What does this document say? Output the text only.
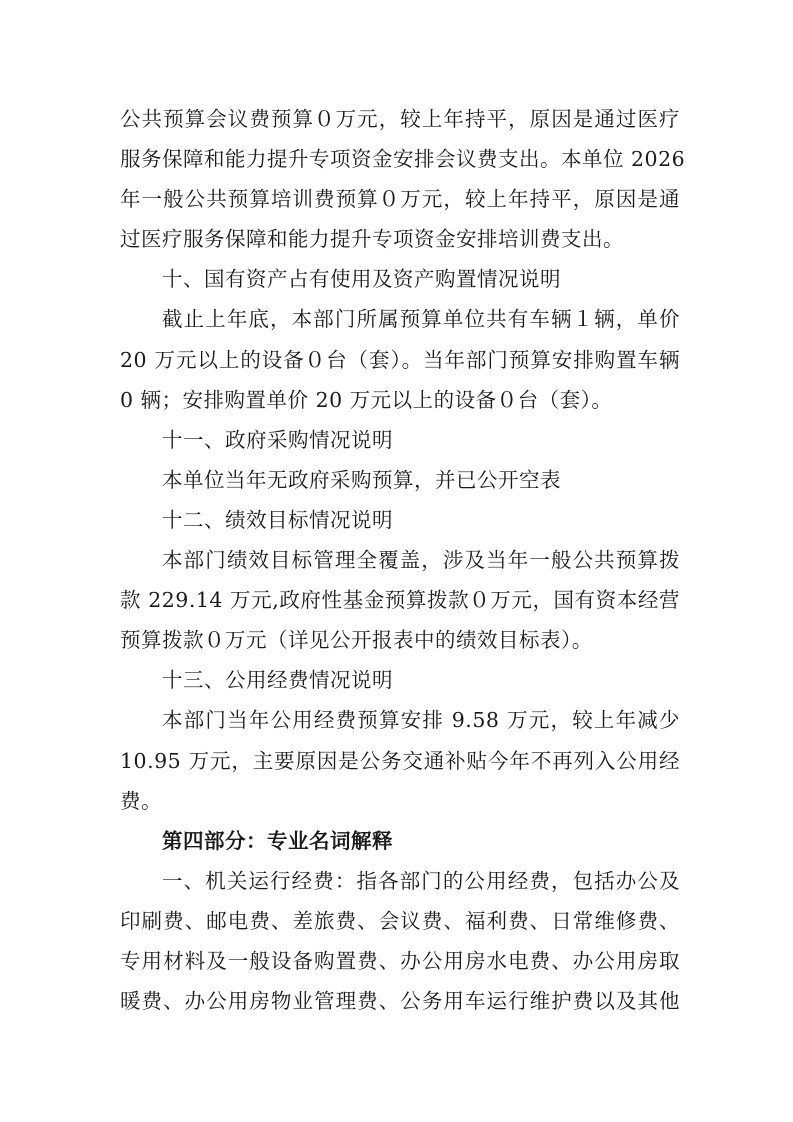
公共预算会议费预算０万元，较上年持平，原因是通过医疗
服务保障和能力提升专项资金安排会议费支出。本单位 2026
年一般公共预算培训费预算０万元，较上年持平，原因是通
过医疗服务保障和能力提升专项资金安排培训费支出。
十、国有资产占有使用及资产购置情况说明
截止上年底，本部门所属预算单位共有车辆１辆，单价
20 万元以上的设备０台（套）。当年部门预算安排购置车辆
0 辆；安排购置单价 20 万元以上的设备０台（套）。
十一、政府采购情况说明
本单位当年无政府采购预算，并已公开空表
十二、绩效目标情况说明
本部门绩效目标管理全覆盖，涉及当年一般公共预算拨
款 229.14 万元,政府性基金预算拨款０万元，国有资本经营
预算拨款０万元（详见公开报表中的绩效目标表）。
十三、公用经费情况说明
本部门当年公用经费预算安排 9.58 万元，较上年减少
10.95 万元，主要原因是公务交通补贴今年不再列入公用经
费。
第四部分：专业名词解释
一、机关运行经费：指各部门的公用经费，包括办公及
印刷费、邮电费、差旅费、会议费、福利费、日常维修费、
专用材料及一般设备购置费、办公用房水电费、办公用房取
暖费、办公用房物业管理费、公务用车运行维护费以及其他
